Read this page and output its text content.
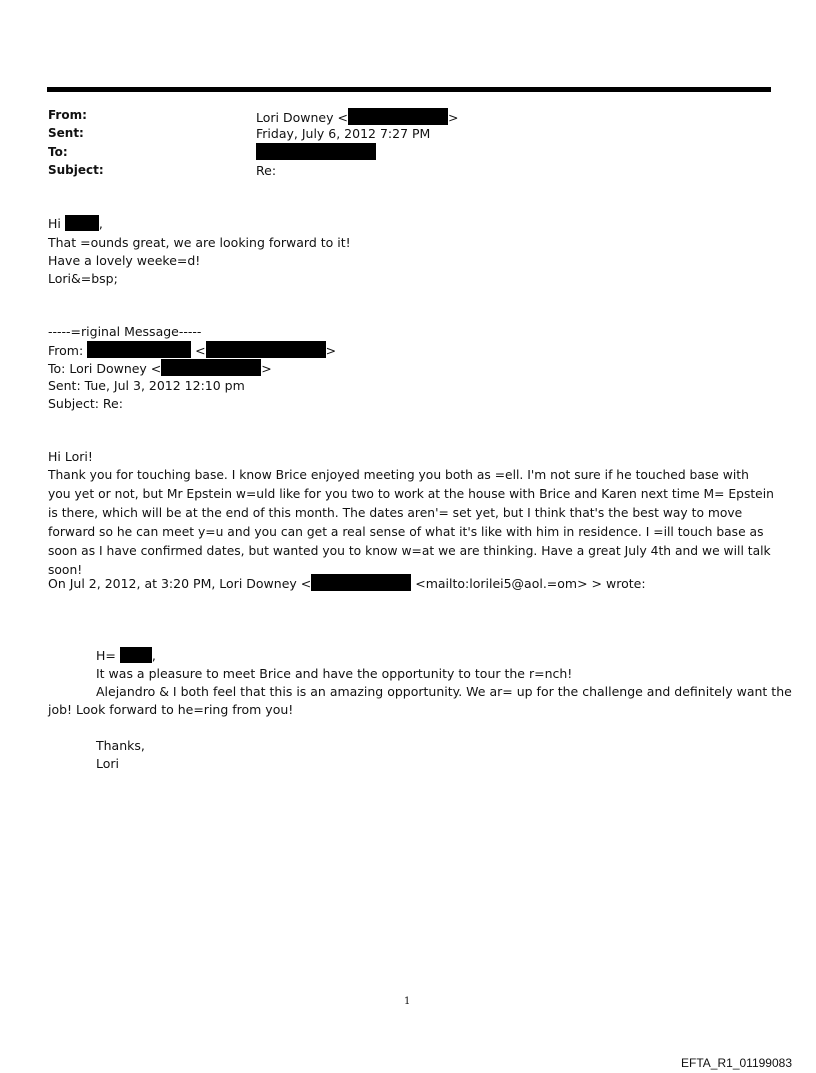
From:	Lori Downey <	>
Sent:	Friday, July 6, 2012 7:27 PM
To:
Subject:	Re:
Hi	,
That =ounds great, we are looking forward to it!
Have a lovely weeke=d!
Lori&=bsp;
-----=riginal Message-----
From:	<	>
To: Lori Downey <	>
Sent: Tue, Jul 3, 2012 12:10 pm
Subject: Re:
Hi Lori!
Thank you for touching base. I know Brice enjoyed meeting you both as =ell. I'm not sure if he touched base with you yet or not, but Mr Epstein w=uld like for you two to work at the house with Brice and Karen next time M= Epstein is there, which will be at the end of this month. The dates aren'= set yet, but I think that's the best way to move forward so he can meet y=u and you can get a real sense of what it's like with him in residence. I =ill touch base as soon as I have confirmed dates, but wanted you to know w=at we are thinking. Have a great July 4th and we will talk soon!
On Jul 2, 2012, at 3:20 PM, Lori Downey <	<mailto:lorilei5@aol.=om> > wrote:
H=	,
It was a pleasure to meet Brice and have the opportunity to tour the r=nch!
Alejandro & I both feel that this is an amazing opportunity. We ar= up for the challenge and definitely want the
job! Look forward to he=ring from you!
Thanks,
Lori
1
EFTA_R1_01199083
